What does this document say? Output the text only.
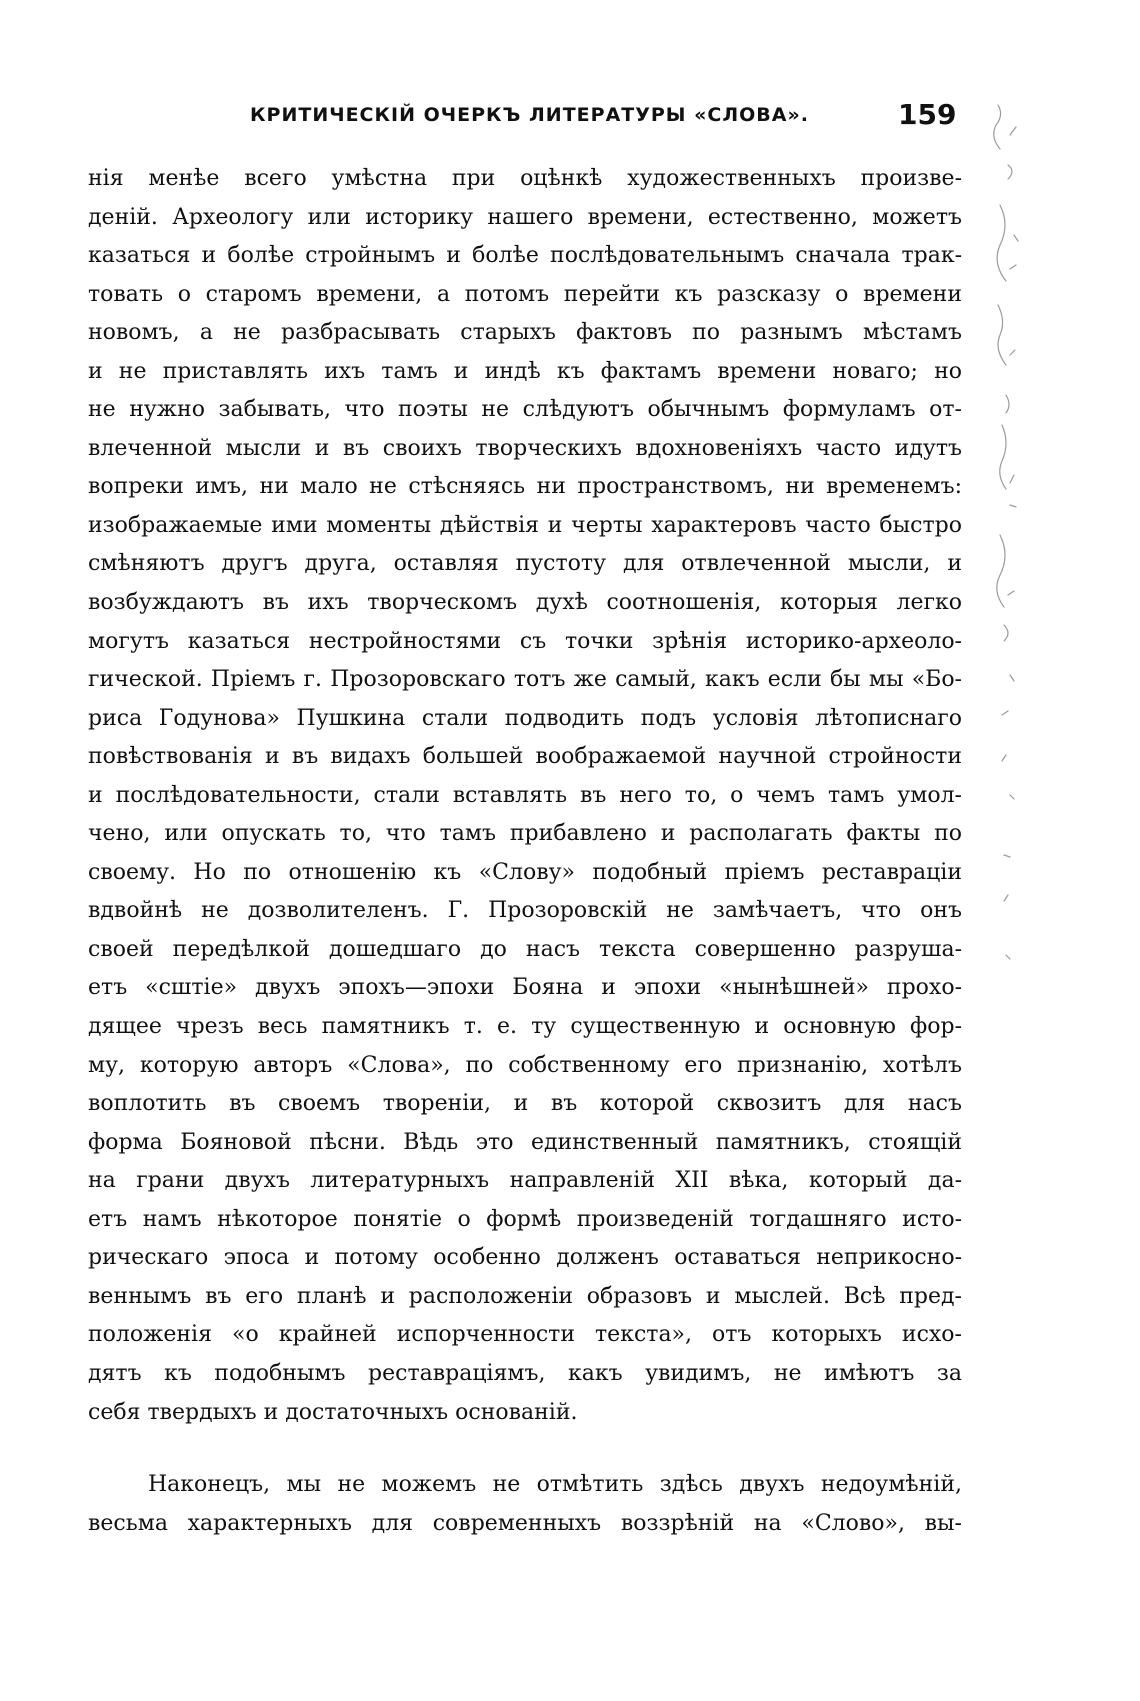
КРИТИЧЕСКІЙ ОЧЕРКЪ ЛИТЕРАТУРЫ «СЛОВА».	159
нія менѣе всего умѣстна при оцѣнкѣ художественныхъ произве-
деній. Археологу или историку нашего времени, естественно, можетъ
казаться и болѣе стройнымъ и болѣе послѣдовательнымъ сначала трак-
товать о старомъ времени, а потомъ перейти къ разсказу о времени
новомъ, а не разбрасывать старыхъ фактовъ по разнымъ мѣстамъ
и не приставлять ихъ тамъ и индѣ къ фактамъ времени новаго; но
не нужно забывать, что поэты не слѣдуютъ обычнымъ формуламъ от-
влеченной мысли и въ своихъ творческихъ вдохновеніяхъ часто идутъ
вопреки имъ, ни мало не стѣсняясь ни пространствомъ, ни временемъ:
изображаемые ими моменты дѣйствія и черты характеровъ часто быстро
смѣняютъ другъ друга, оставляя пустоту для отвлеченной мысли, и
возбуждаютъ въ ихъ творческомъ духѣ соотношенія, которыя легко
могутъ казаться нестройностями съ точки зрѣнія историко-археоло-
гической. Пріемъ г. Прозоровскаго тотъ же самый, какъ если бы мы «Бо-
риса Годунова» Пушкина стали подводить подъ условія лѣтописнаго
повѣствованія и въ видахъ большей воображаемой научной стройности
и послѣдовательности, стали вставлять въ него то, о чемъ тамъ умол-
чено, или опускать то, что тамъ прибавлено и располагать факты по
своему. Но по отношенію къ «Слову» подобный пріемъ реставраціи
вдвойнѣ не дозволителенъ. Г. Прозоровскій не замѣчаетъ, что онъ
своей передѣлкой дошедшаго до насъ текста совершенно разруша-
етъ «сштіе» двухъ эпохъ—эпохи Бояна и эпохи «нынѣшней» прохо-
дящее чрезъ весь памятникъ т. е. ту существенную и основную фор-
му, которую авторъ «Слова», по собственному его признанію, хотѣлъ
воплотить въ своемъ твореніи, и въ которой сквозитъ для насъ
форма Бояновой пѣсни. Вѣдь это единственный памятникъ, стоящій
на грани двухъ литературныхъ направленій XII вѣка, который да-
етъ намъ нѣкоторое понятіе о формѣ произведеній тогдашняго исто-
рическаго эпоса и потому особенно долженъ оставаться неприкосно-
веннымъ въ его планѣ и расположеніи образовъ и мыслей. Всѣ пред-
положенія «о крайней испорченности текста», отъ которыхъ исхо-
дятъ къ подобнымъ реставраціямъ, какъ увидимъ, не имѣютъ за
себя твердыхъ и достаточныхъ основаній.
Наконецъ, мы не можемъ не отмѣтить здѣсь двухъ недоумѣній,
весьма характерныхъ для современныхъ воззрѣній на «Слово», вы-
